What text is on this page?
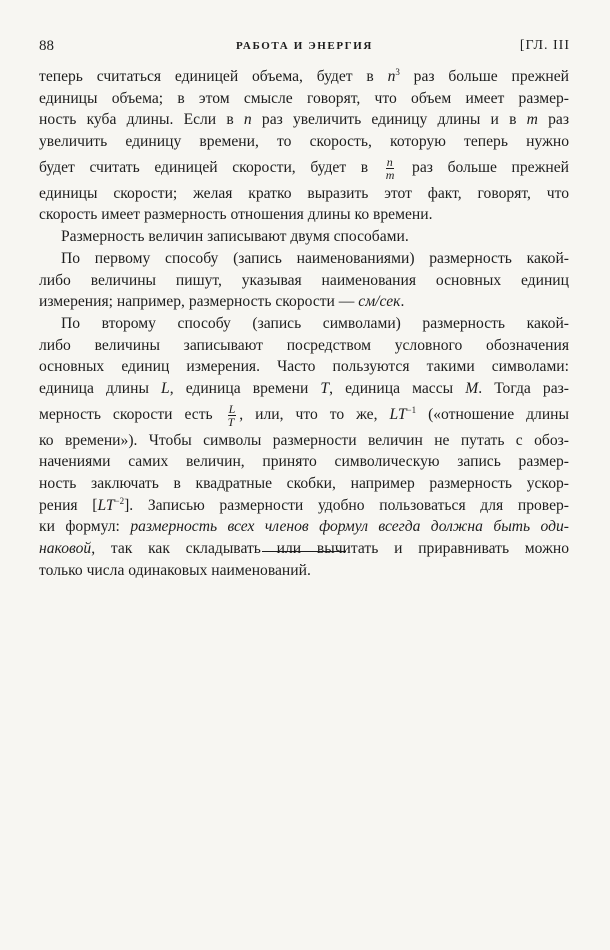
88	РАБОТА И ЭНЕРГИЯ	[ГЛ. III
теперь считаться единицей объема, будет в $n^3$ раз больше прежней
единицы объема; в этом смысле говорят, что объем имеет размер-
ность куба длины. Если в n раз увеличить единицу длины и в m раз
увеличить единицу времени, то скорость, которую теперь нужно
будет считать единицей скорости, будет в $\frac{n}{m}$ раз больше прежней
единицы скорости; желая кратко выразить этот факт, говорят, что
скорость имеет размерность отношения длины ко времени.
Размерность величин записывают двумя способами.
По первому способу (запись наименованиями) размерность какой-
либо величины пишут, указывая наименования основных единиц
измерения; например, размерность скорости — см/сек.
По второму способу (запись символами) размерность какой-
либо величины записывают посредством условного обозначения
основных единиц измерения. Часто пользуются такими символами:
единица длины L, единица времени T, единица массы M. Тогда раз-
мерность скорости есть $\frac{L}{T}$ , или, что то же, $LT^{-1}$ («отношение длины
ко времени»). Чтобы символы размерности величин не путать с обоз-
начениями самих величин, принято символическую запись размер-
ность заключать в квадратные скобки, например размерность ускор-
рения $[LT^{-2}]$. Записью размерности удобно пользоваться для провер-
ки формул: размерность всех членов формул всегда должна быть оди-
наковой, так как складывать или вычитать и приравнивать можно
только числа одинаковых наименований.
